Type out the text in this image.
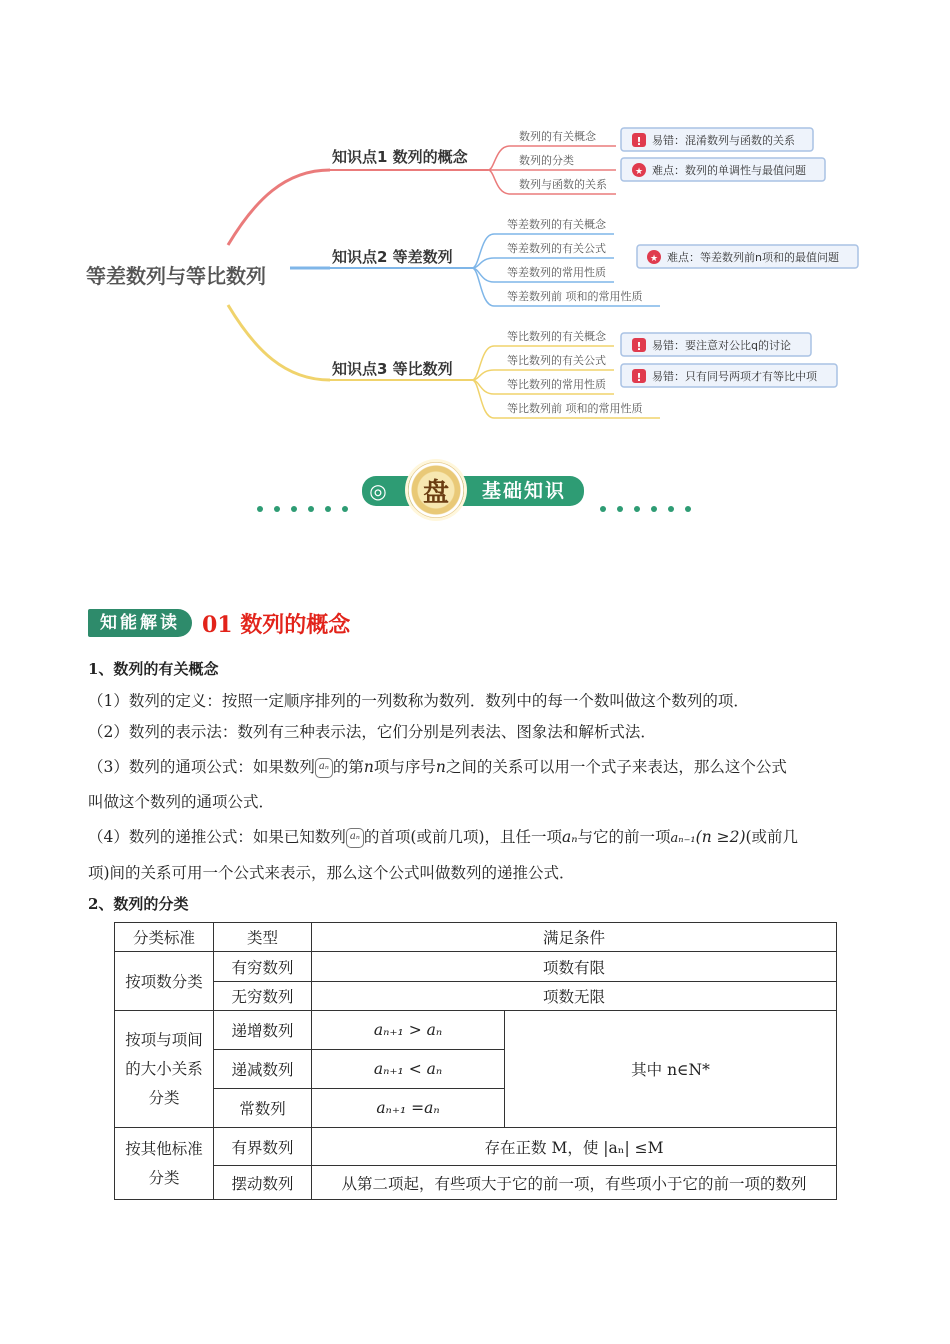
等差数列与等比数列
知识点1 数列的概念
数列的有关概念
数列的分类
数列与函数的关系
! 易错：混淆数列与函数的关系
★ 难点：数列的单调性与最值问题
知识点2 等差数列
等差数列的有关概念
等差数列的有关公式
等差数列的常用性质
等差数列前 项和的常用性质
★ 难点：等差数列前n项和的最值问题
知识点3 等比数列
等比数列的有关概念
等比数列的有关公式
等比数列的常用性质
等比数列前 项和的常用性质
! 易错：要注意对公比q的讨论
! 易错：只有同号两项才有等比中项
◎	基础知识
盘
知能解读	01 数列的概念
1、数列的有关概念
（1）数列的定义：按照一定顺序排列的一列数称为数列．数列中的每一个数叫做这个数列的项．
（2）数列的表示法：数列有三种表示法，它们分别是列表法、图象法和解析式法．
（3）数列的通项公式：如果数列 aₙ 的第n项与序号n之间的关系可以用一个式子来表达，那么这个公式
叫做这个数列的通项公式．
（4）数列的递推公式：如果已知数列 aₙ 的首项(或前几项)，且任一项aₙ与它的前一项aₙ₋₁(n ≥2)(或前几
项)间的关系可用一个公式来表示，那么这个公式叫做数列的递推公式．
2、数列的分类
分类标准	类型	满足条件	
按项数分类	有穷数列	项数有限	
	无穷数列	项数无限	
按项与项间的大小关系分类	递增数列	aₙ₊₁ > aₙ	其中 n∈N*
	递减数列	aₙ₊₁ < aₙ	
	常数列	aₙ₊₁ =aₙ	
按其他标准分类	有界数列	存在正数 M，使 |aₙ| ≤M	
	摆动数列	从第二项起，有些项大于它的前一项，有些项小于它的前一项的数列	
